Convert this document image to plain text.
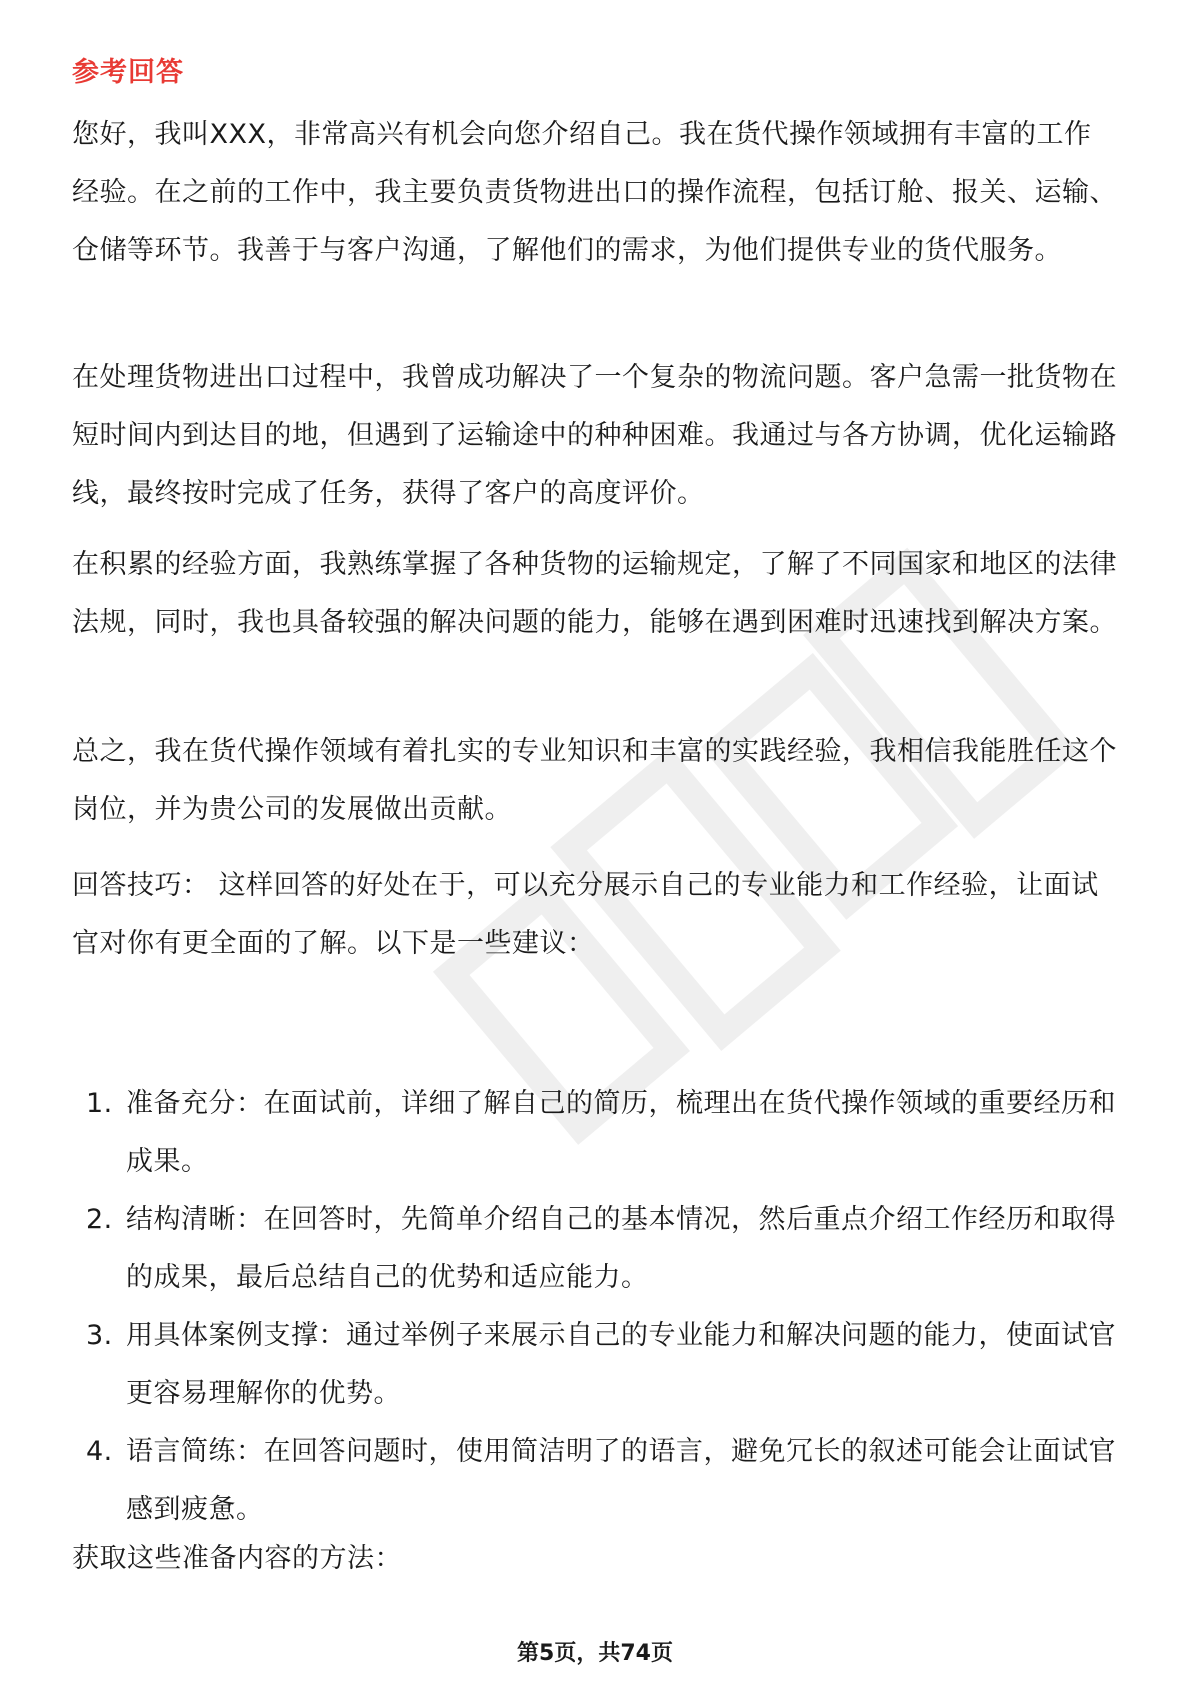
参考回答

您好，我叫XXX，非常高兴有机会向您介绍自己。我在货代操作领域拥有丰富的工作经验。在之前的工作中，我主要负责货物进出口的操作流程，包括订舱、报关、运输、仓储等环节。我善于与客户沟通，了解他们的需求，为他们提供专业的货代服务。

在处理货物进出口过程中，我曾成功解决了一个复杂的物流问题。客户急需一批货物在短时间内到达目的地，但遇到了运输途中的种种困难。我通过与各方协调，优化运输路线，最终按时完成了任务，获得了客户的高度评价。

在积累的经验方面，我熟练掌握了各种货物的运输规定，了解了不同国家和地区的法律法规，同时，我也具备较强的解决问题的能力，能够在遇到困难时迅速找到解决方案。

总之，我在货代操作领域有着扎实的专业知识和丰富的实践经验，我相信我能胜任这个岗位，并为贵公司的发展做出贡献。

回答技巧： 这样回答的好处在于，可以充分展示自己的专业能力和工作经验，让面试官对你有更全面的了解。以下是一些建议：

1. 准备充分：在面试前，详细了解自己的简历，梳理出在货代操作领域的重要经历和成果。
2. 结构清晰：在回答时，先简单介绍自己的基本情况，然后重点介绍工作经历和取得的成果，最后总结自己的优势和适应能力。
3. 用具体案例支撑：通过举例子来展示自己的专业能力和解决问题的能力，使面试官更容易理解你的优势。
4. 语言简练：在回答问题时，使用简洁明了的语言，避免冗长的叙述可能会让面试官感到疲惫。

获取这些准备内容的方法：

第5页，共74页
